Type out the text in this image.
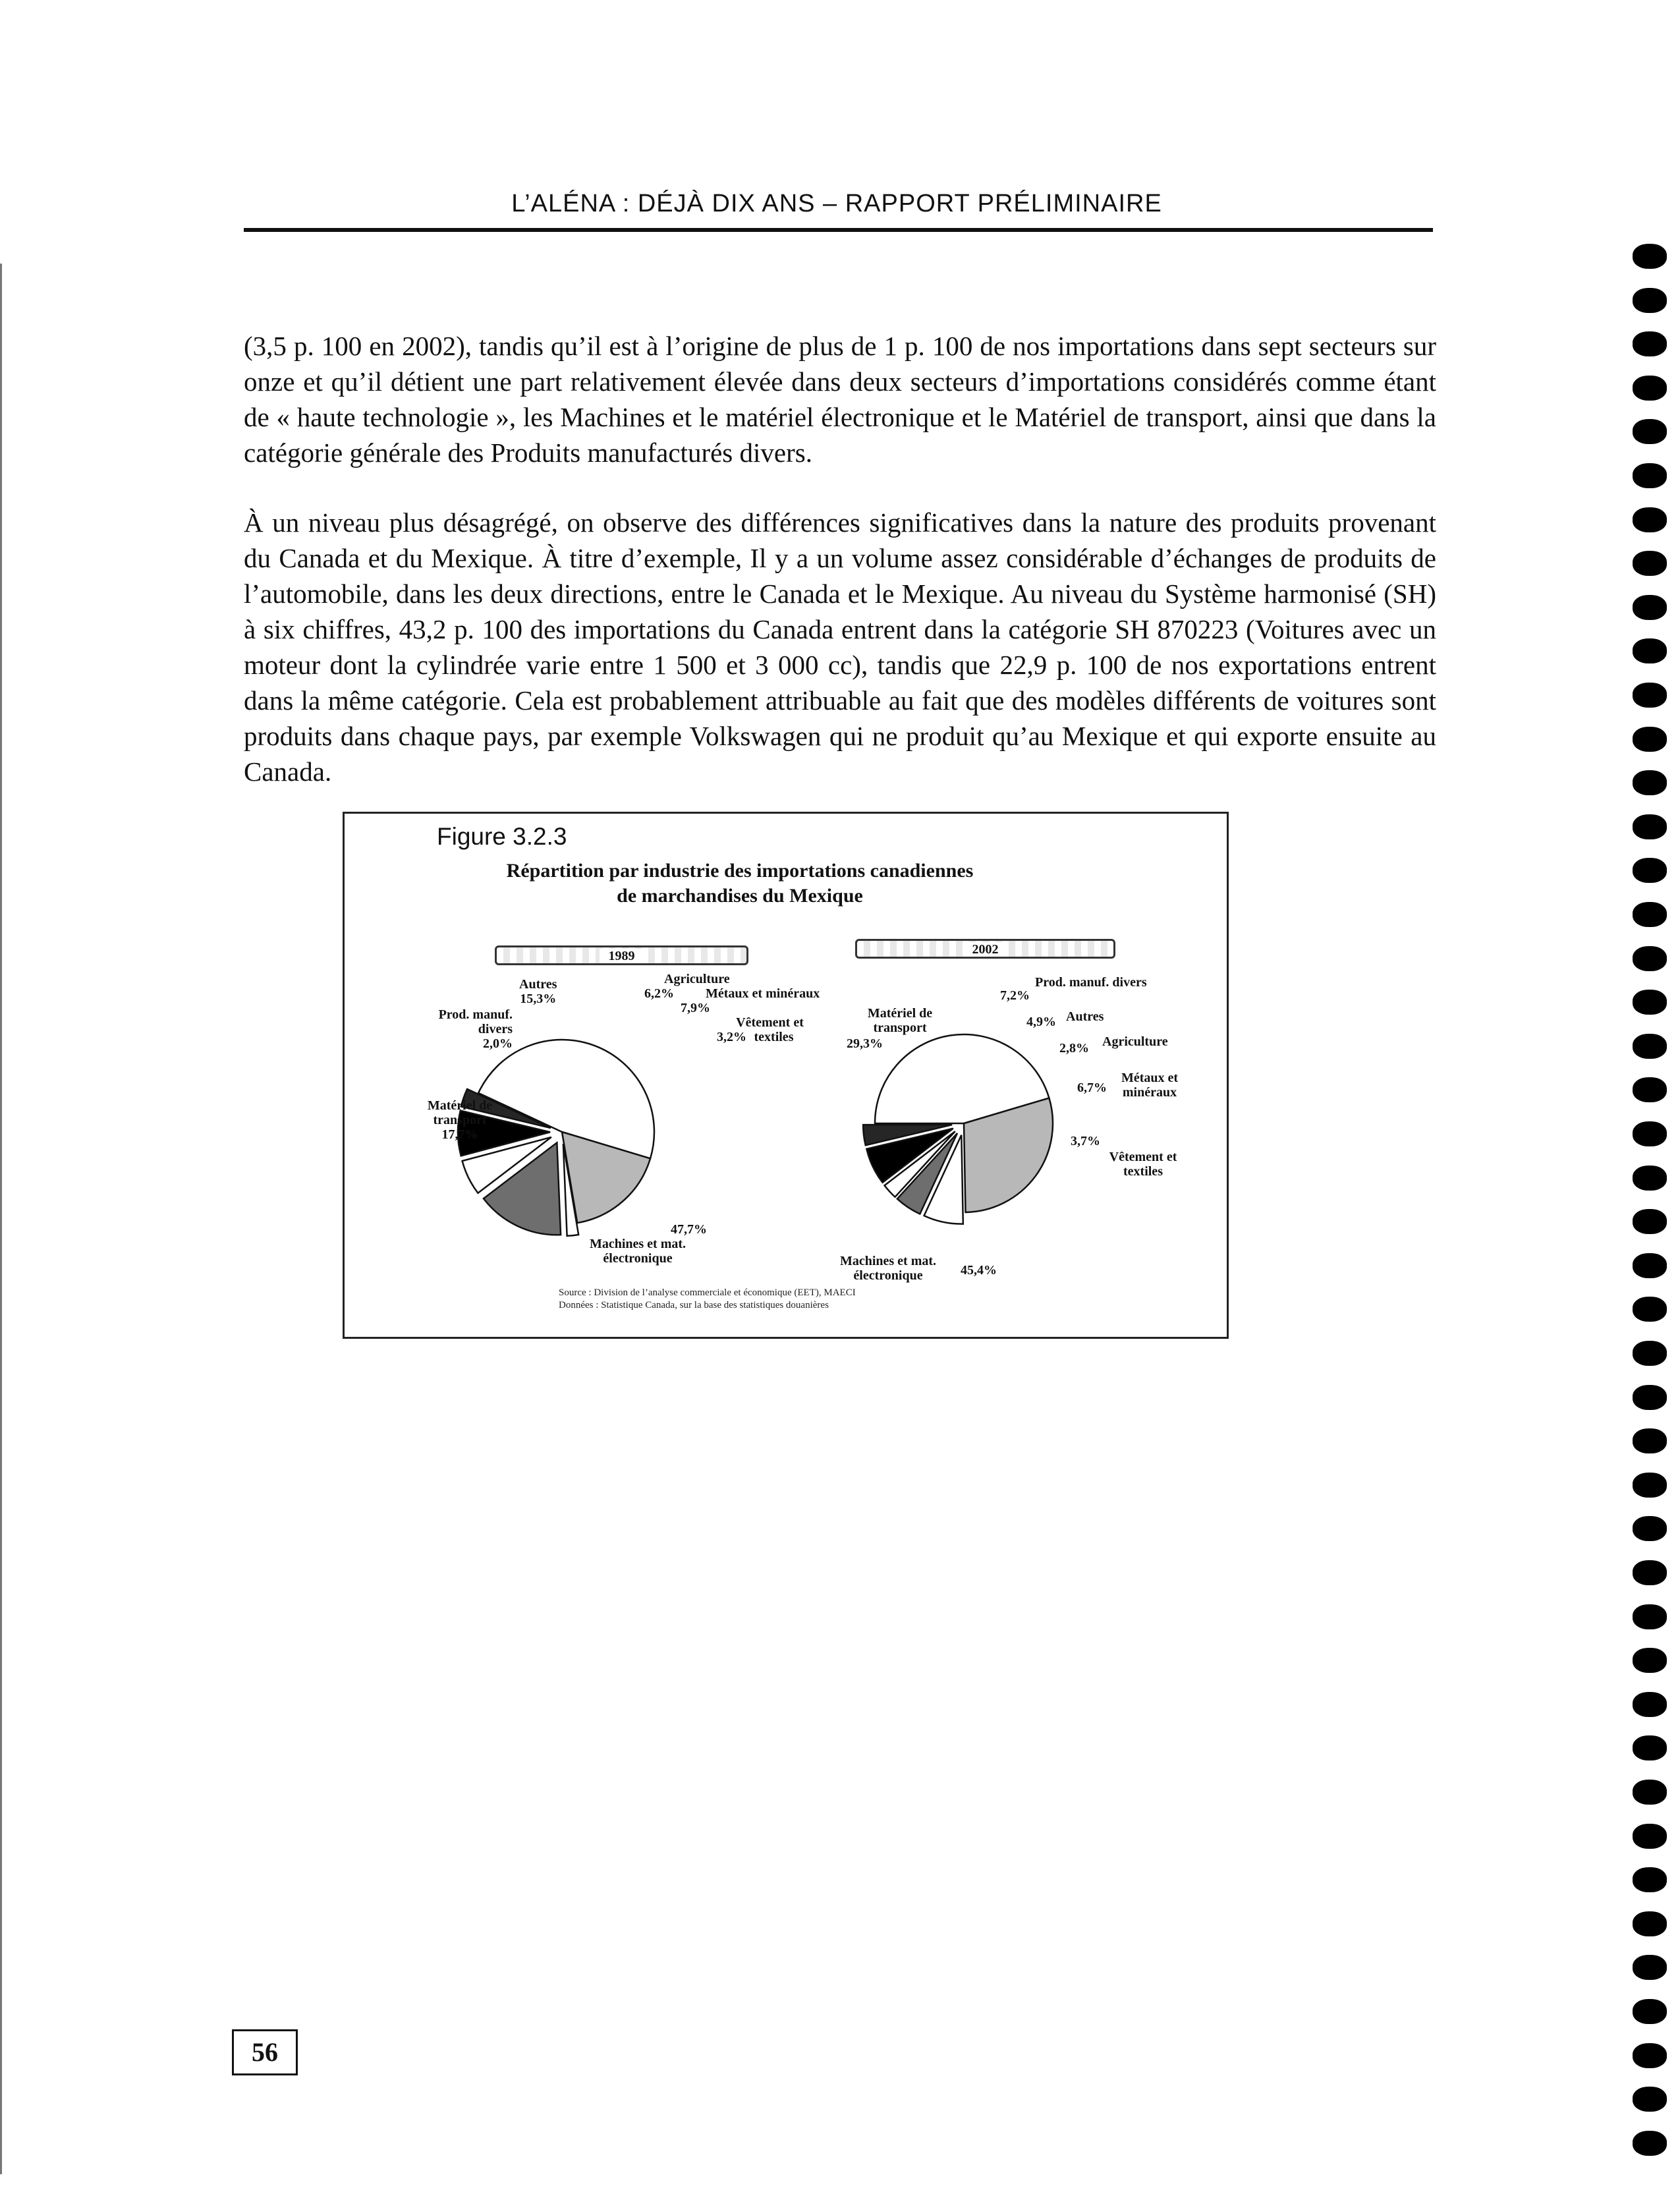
L’ALÉNA : DÉJÀ DIX ANS – RAPPORT PRÉLIMINAIRE

(3,5 p. 100 en 2002), tandis qu’il est à l’origine de plus de 1 p. 100 de nos importations dans sept secteurs sur onze et qu’il détient une part relativement élevée dans deux secteurs d’importations considérés comme étant de « haute technologie », les Machines et le matériel électronique et le Matériel de transport, ainsi que dans la catégorie générale des Produits manufacturés divers.

À un niveau plus désagrégé, on observe des différences significatives dans la nature des produits provenant du Canada et du Mexique. À titre d’exemple, Il y a un volume assez considérable d’échanges de produits de l’automobile, dans les deux directions, entre le Canada et le Mexique. Au niveau du Système harmonisé (SH) à six chiffres, 43,2 p. 100 des importations du Canada entrent dans la catégorie SH 870223 (Voitures avec un moteur dont la cylindrée varie entre 1 500 et 3 000 cc), tandis que 22,9 p. 100 de nos exportations entrent dans la même catégorie. Cela est probablement attribuable au fait que des modèles différents de voitures sont produits dans chaque pays, par exemple Volkswagen qui ne produit qu’au Mexique et qui exporte ensuite au Canada.

Figure 3.2.3
Répartition par industrie des importations canadiennes
de marchandises du Mexique
1989	2002
Autres
15,3%
Prod. manuf.
divers
2,0%
Matériel de
transport
17,7%
6,2%
Agriculture
7,9%
Métaux et minéraux
3,2%
Vêtement et
textiles
47,7%
Machines et mat.
électronique
Matériel de
transport
29,3%
7,2%
Prod. manuf. divers
4,9% Autres
2,8% Agriculture
6,7%
Métaux et
minéraux
3,7%
Vêtement et
textiles
Machines et mat.
électronique	45,4%
Source : Division de l’analyse commerciale et économique (EET), MAECI
Données : Statistique Canada, sur la base des statistiques douanières
56
